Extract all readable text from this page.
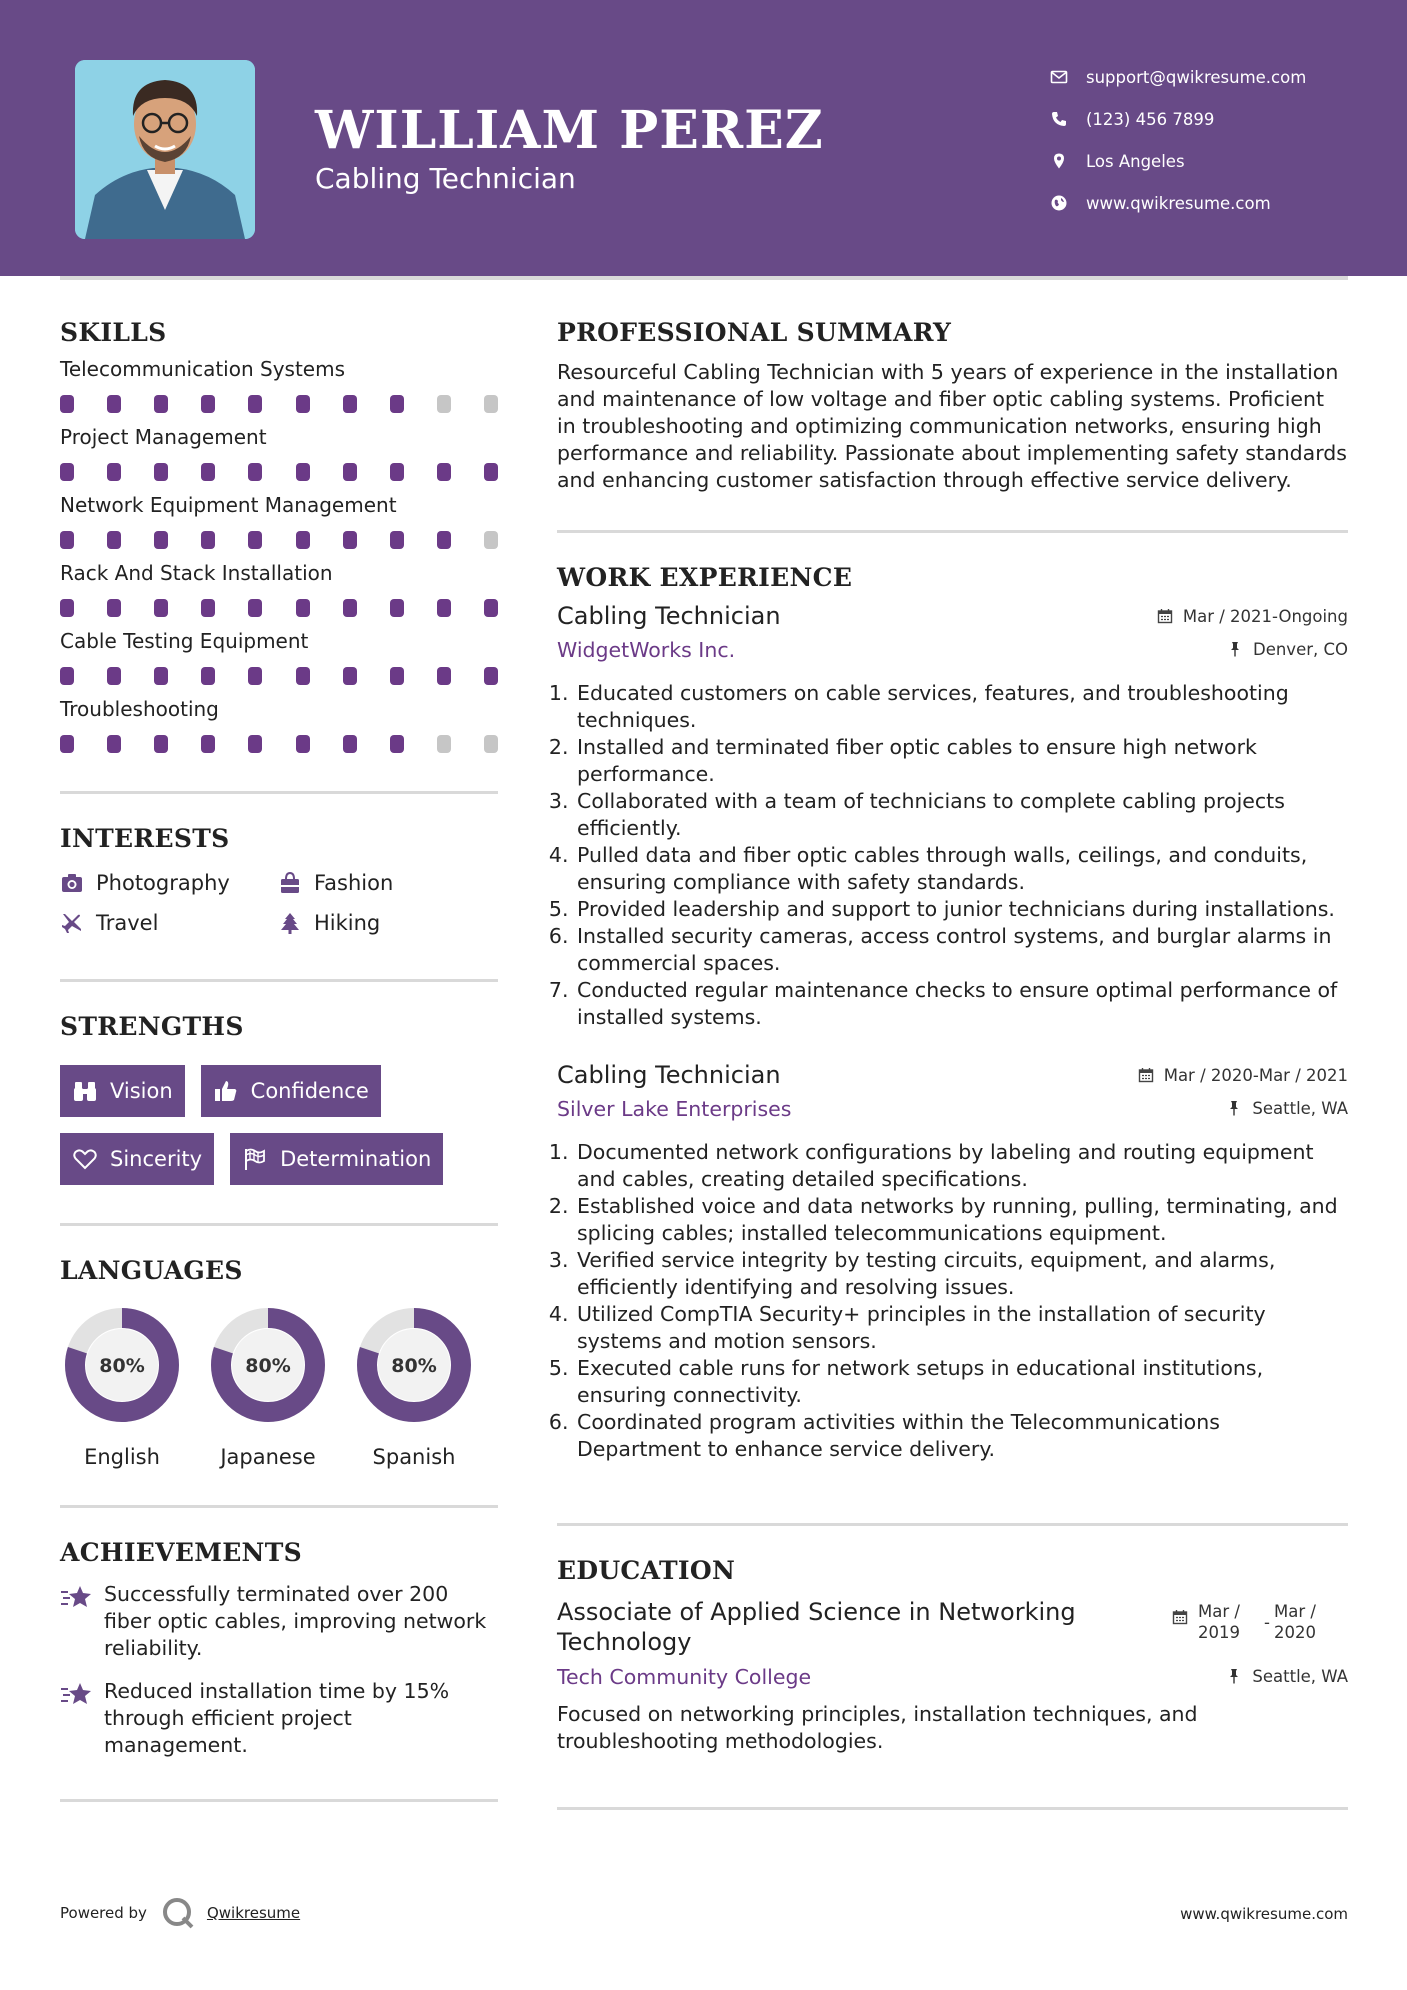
WILLIAM PEREZ
Cabling Technician
support@qwikresume.com
(123) 456 7899
Los Angeles
www.qwikresume.com
SKILLS
Telecommunication Systems
Project Management
Network Equipment Management
Rack And Stack Installation
Cable Testing Equipment
Troubleshooting
INTERESTS
Photography	Fashion
Travel	Hiking
STRENGTHS
Vision	Confidence
Sincerity	Determination
LANGUAGES
80%
English
80%
Japanese
80%
Spanish
ACHIEVEMENTS
Successfully terminated over 200 fiber optic cables, improving network reliability.
Reduced installation time by 15% through efficient project management.
PROFESSIONAL SUMMARY
Resourceful Cabling Technician with 5 years of experience in the installation and maintenance of low voltage and fiber optic cabling systems. Proficient in troubleshooting and optimizing communication networks, ensuring high performance and reliability. Passionate about implementing safety standards and enhancing customer satisfaction through effective service delivery.
WORK EXPERIENCE
Cabling Technician	Mar / 2021-Ongoing
WidgetWorks Inc.	Denver, CO
1. Educated customers on cable services, features, and troubleshooting techniques.
2. Installed and terminated fiber optic cables to ensure high network performance.
3. Collaborated with a team of technicians to complete cabling projects efficiently.
4. Pulled data and fiber optic cables through walls, ceilings, and conduits, ensuring compliance with safety standards.
5. Provided leadership and support to junior technicians during installations.
6. Installed security cameras, access control systems, and burglar alarms in commercial spaces.
7. Conducted regular maintenance checks to ensure optimal performance of installed systems.
Cabling Technician	Mar / 2020-Mar / 2021
Silver Lake Enterprises	Seattle, WA
1. Documented network configurations by labeling and routing equipment and cables, creating detailed specifications.
2. Established voice and data networks by running, pulling, terminating, and splicing cables; installed telecommunications equipment.
3. Verified service integrity by testing circuits, equipment, and alarms, efficiently identifying and resolving issues.
4. Utilized CompTIA Security+ principles in the installation of security systems and motion sensors.
5. Executed cable runs for network setups in educational institutions, ensuring connectivity.
6. Coordinated program activities within the Telecommunications Department to enhance service delivery.
EDUCATION
Associate of Applied Science in Networking Technology
Mar / 2019
-
Mar / 2020
Tech Community College	Seattle, WA
Focused on networking principles, installation techniques, and troubleshooting methodologies.
Powered by	Qwikresume	www.qwikresume.com
